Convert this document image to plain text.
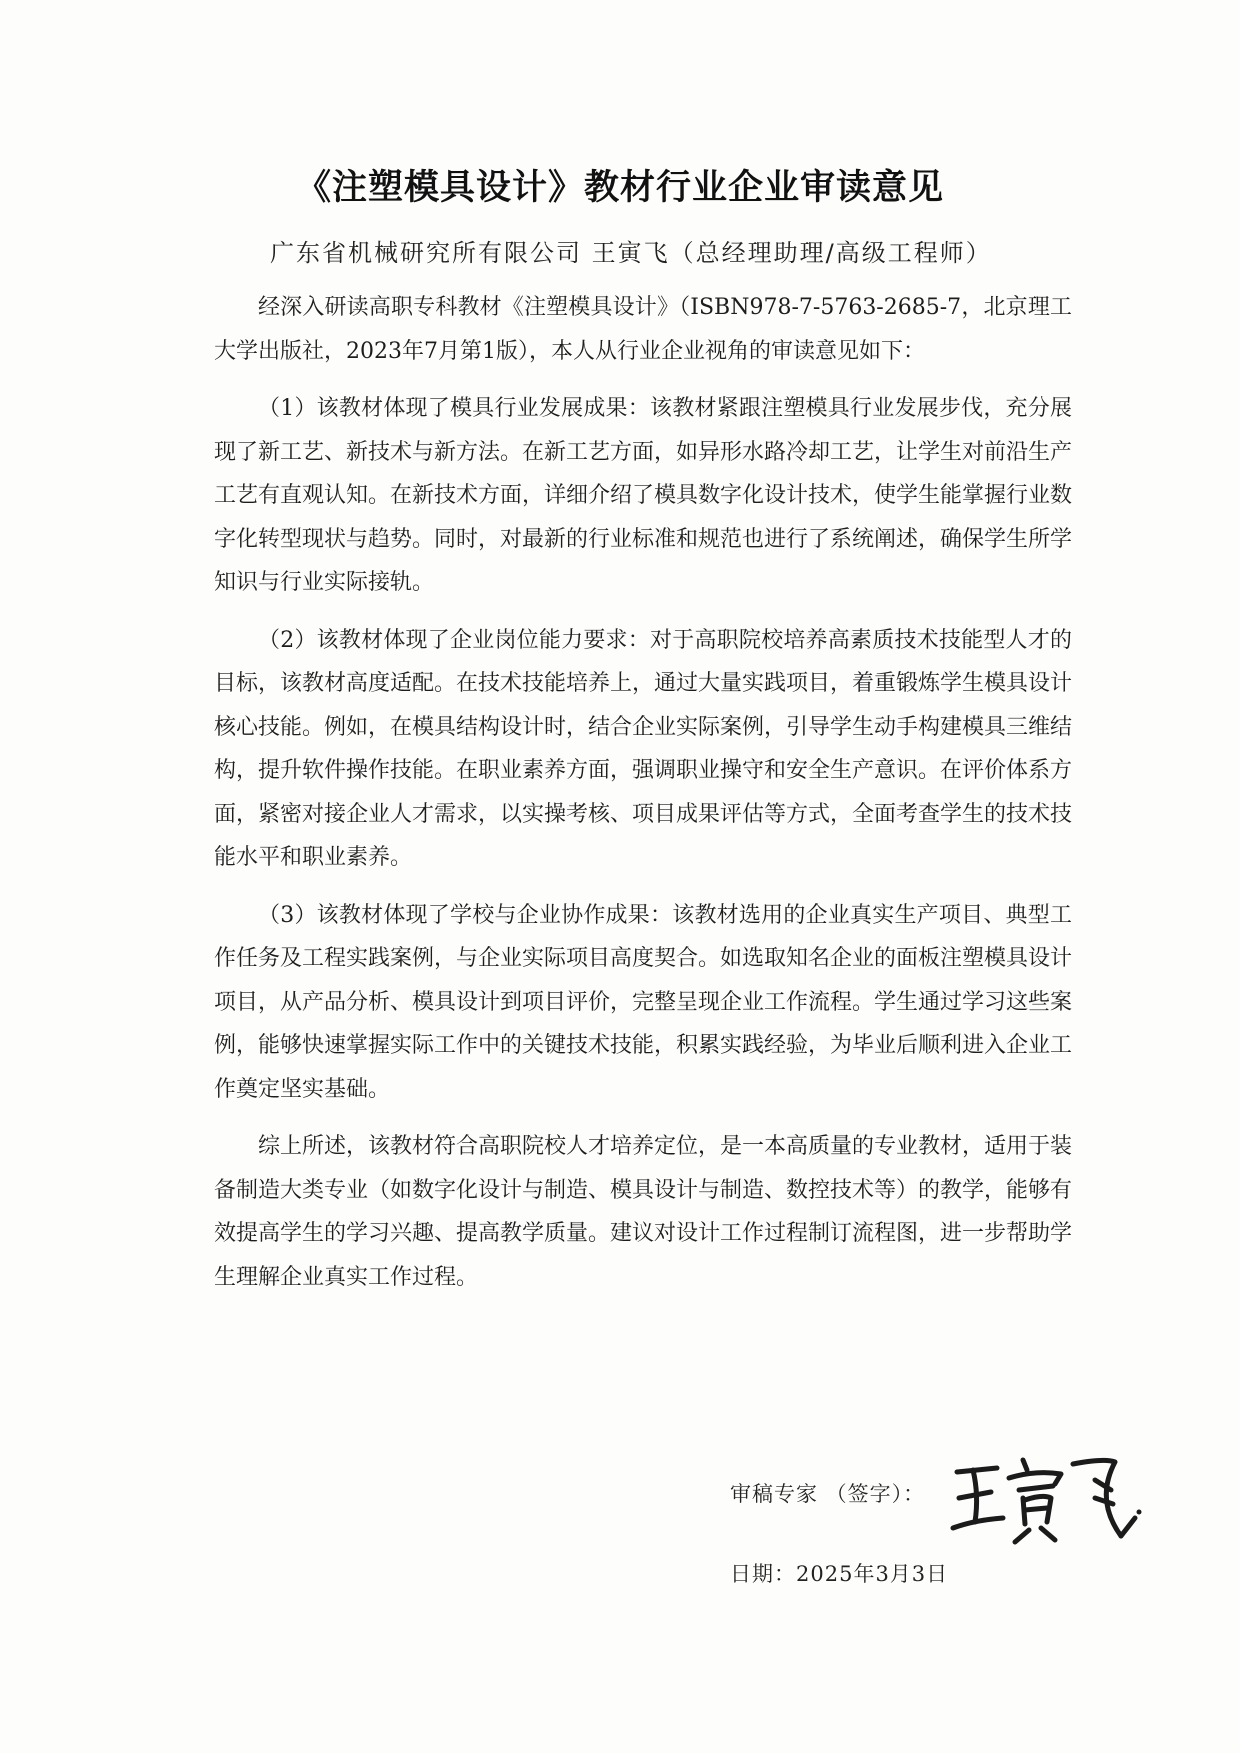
《注塑模具设计》教材行业企业审读意见
广东省机械研究所有限公司 王寅飞（总经理助理/高级工程师）

经深入研读高职专科教材《注塑模具设计》（ISBN978-7-5763-2685-7，北京理工大学出版社，2023年7月第1版），本人从行业企业视角的审读意见如下：

（1）该教材体现了模具行业发展成果：该教材紧跟注塑模具行业发展步伐，充分展现了新工艺、新技术与新方法。在新工艺方面，如异形水路冷却工艺，让学生对前沿生产工艺有直观认知。在新技术方面，详细介绍了模具数字化设计技术，使学生能掌握行业数字化转型现状与趋势。同时，对最新的行业标准和规范也进行了系统阐述，确保学生所学知识与行业实际接轨。

（2）该教材体现了企业岗位能力要求：对于高职院校培养高素质技术技能型人才的目标，该教材高度适配。在技术技能培养上，通过大量实践项目，着重锻炼学生模具设计核心技能。例如，在模具结构设计时，结合企业实际案例，引导学生动手构建模具三维结构，提升软件操作技能。在职业素养方面，强调职业操守和安全生产意识。在评价体系方面，紧密对接企业人才需求，以实操考核、项目成果评估等方式，全面考查学生的技术技能水平和职业素养。

（3）该教材体现了学校与企业协作成果：该教材选用的企业真实生产项目、典型工作任务及工程实践案例，与企业实际项目高度契合。如选取知名企业的面板注塑模具设计项目，从产品分析、模具设计到项目评价，完整呈现企业工作流程。学生通过学习这些案例，能够快速掌握实际工作中的关键技术技能，积累实践经验，为毕业后顺利进入企业工作奠定坚实基础。

综上所述，该教材符合高职院校人才培养定位，是一本高质量的专业教材，适用于装备制造大类专业（如数字化设计与制造、模具设计与制造、数控技术等）的教学，能够有效提高学生的学习兴趣、提高教学质量。建议对设计工作过程制订流程图，进一步帮助学生理解企业真实工作过程。

审稿专家 （签字）：
日期：2025年3月3日
